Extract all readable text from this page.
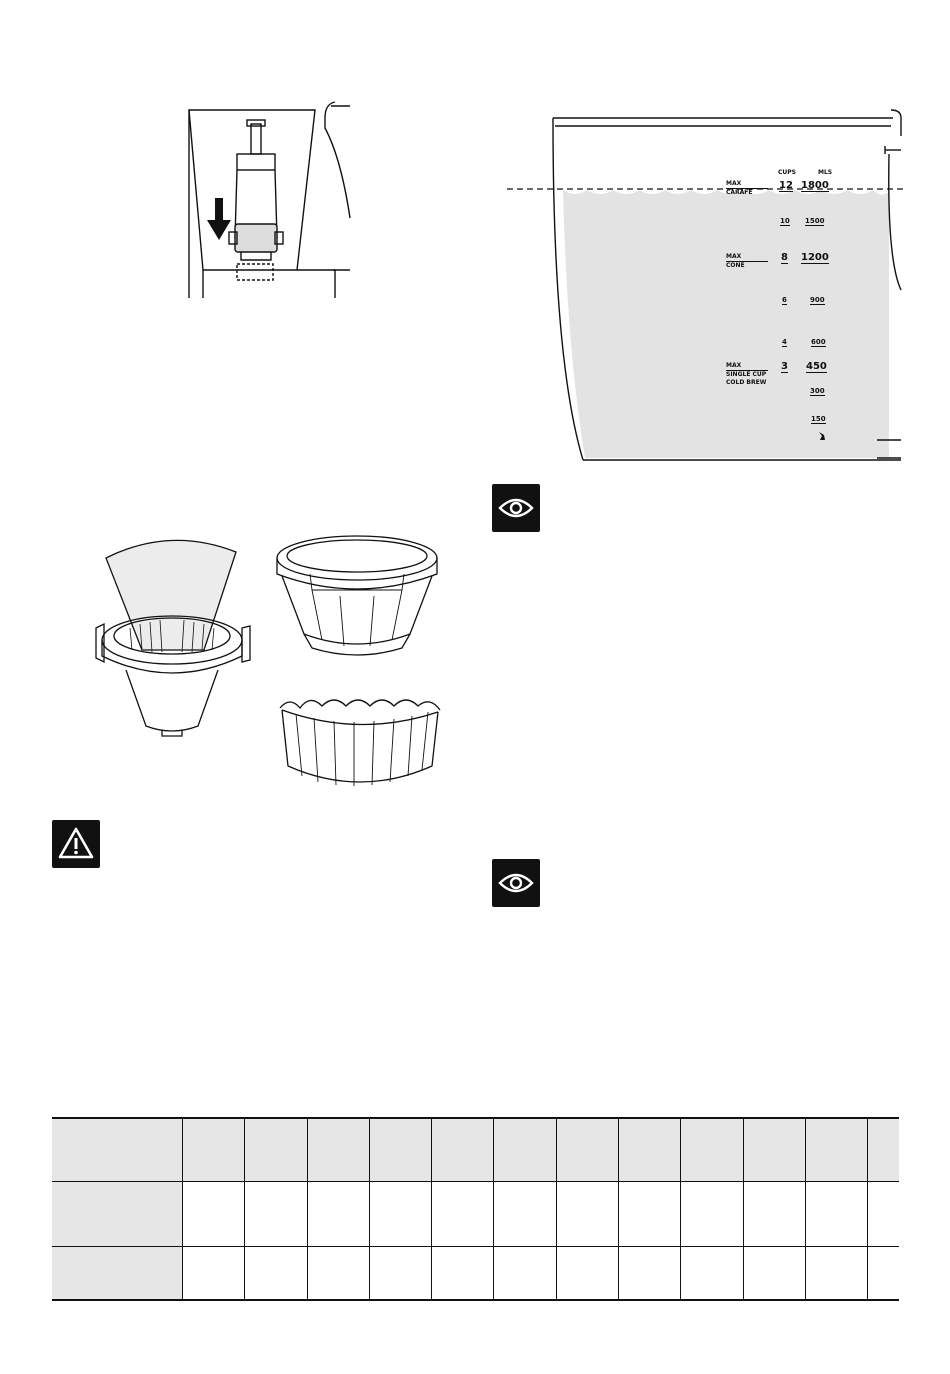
CUPS	MLS
12 1800
10 1500
8 1200
6	900
4	600
3 450
300
150
MAX
CARAFE
MAX
CONE
MAX
SINGLE CUP
COLD BREW
